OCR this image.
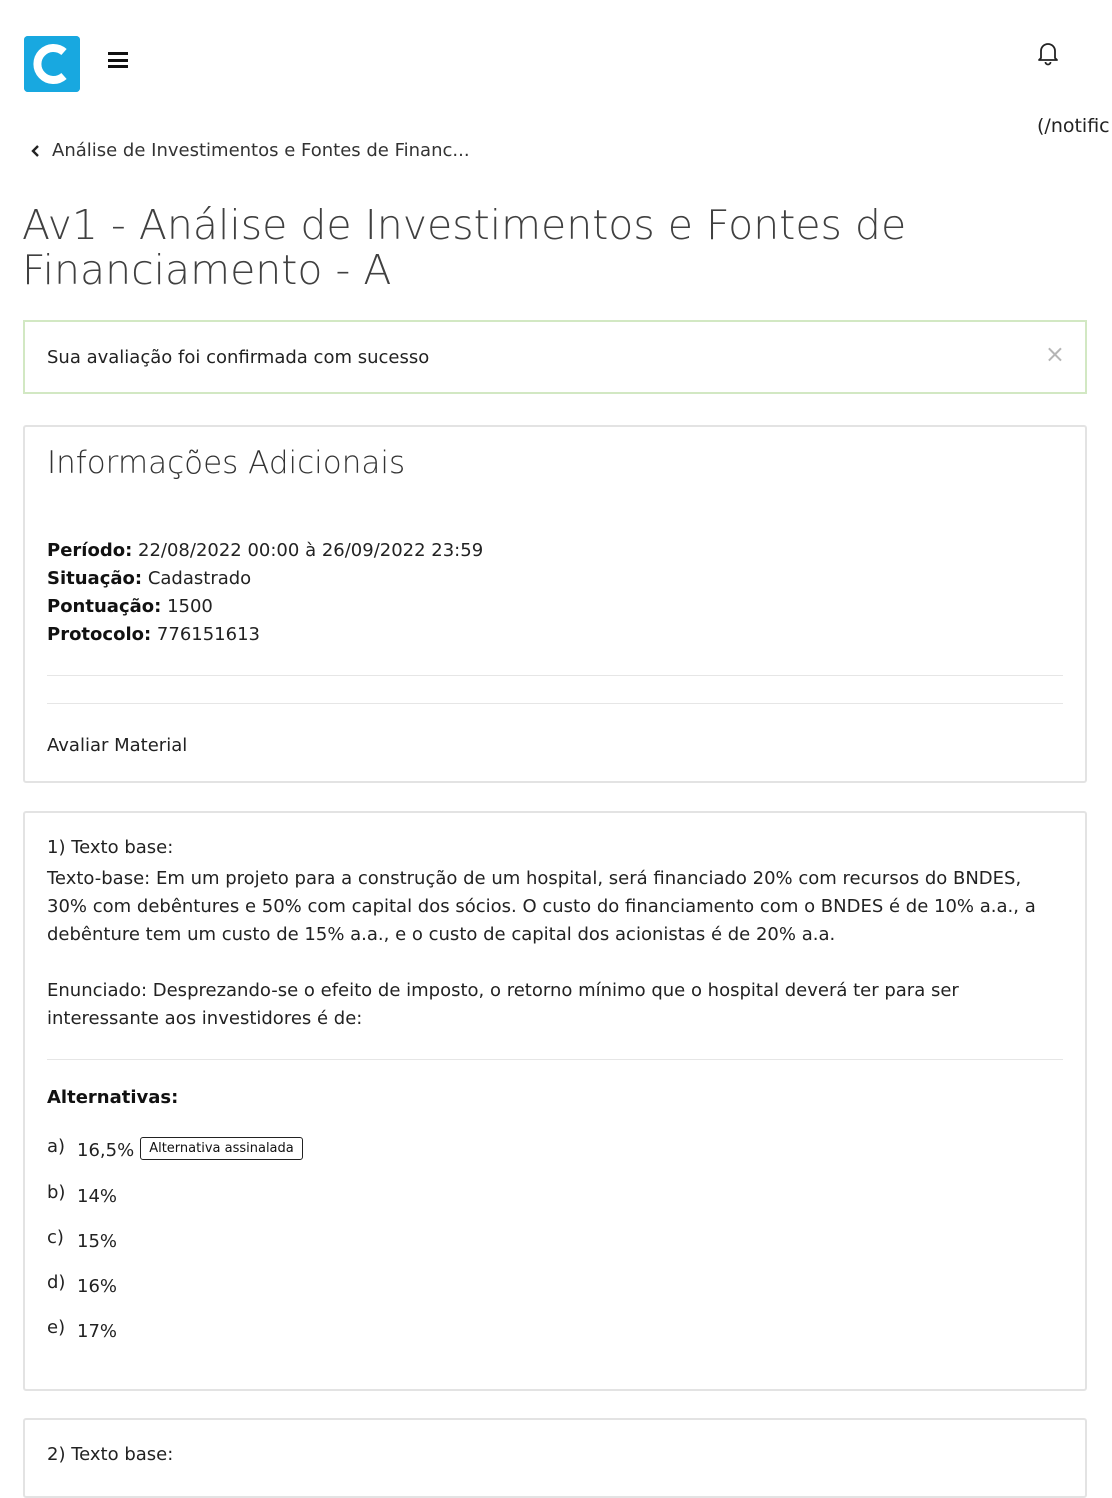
(/notific
Análise de Investimentos e Fontes de Financ...
Av1 - Análise de Investimentos e Fontes de Financiamento - A
Sua avaliação foi confirmada com sucesso	×
Informações Adicionais
Período: 22/08/2022 00:00 à 26/09/2022 23:59
Situação: Cadastrado
Pontuação: 1500
Protocolo: 776151613
Avaliar Material
1) Texto base:

Texto-base: Em um projeto para a construção de um hospital, será financiado 20% com recursos do BNDES, 30% com debêntures e 50% com capital dos sócios. O custo do financiamento com o BNDES é de 10% a.a., a debênture tem um custo de 15% a.a., e o custo de capital dos acionistas é de 20% a.a.

Enunciado: Desprezando-se o efeito de imposto, o retorno mínimo que o hospital deverá ter para ser interessante aos investidores é de:

Alternativas:
a) 16,5%	Alternativa assinalada
b) 14%
c) 15%
d) 16%
e) 17%
2) Texto base:
